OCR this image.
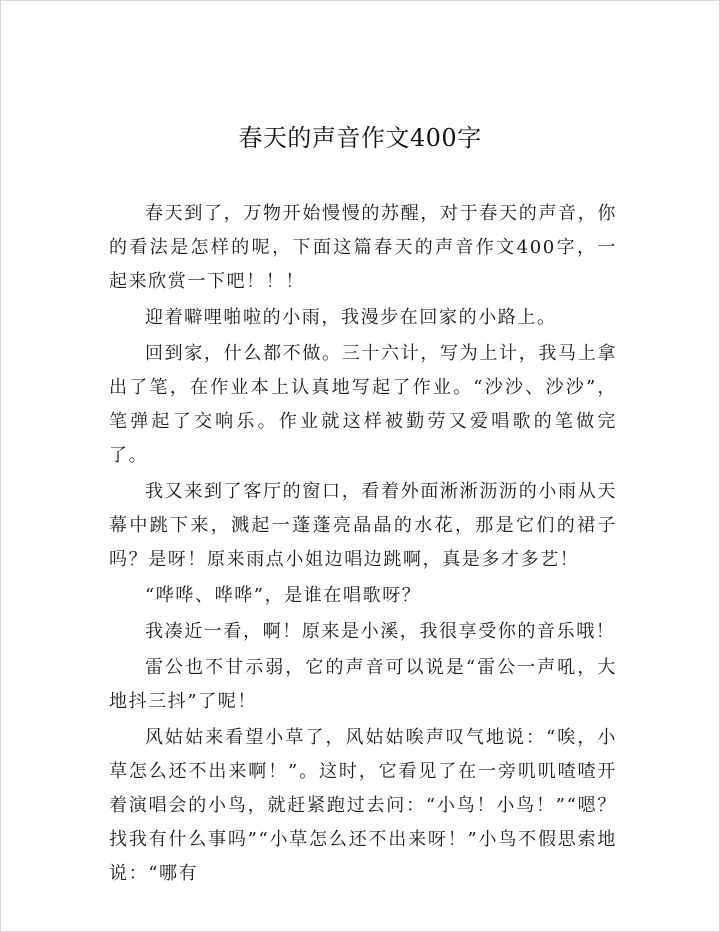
春天的声音作文400字

春天到了，万物开始慢慢的苏醒，对于春天的声音，你的看法是怎样的呢，下面这篇春天的声音作文400字，一起来欣赏一下吧！！！

迎着噼哩啪啦的小雨，我漫步在回家的小路上。

回到家，什么都不做。三十六计，写为上计，我马上拿出了笔，在作业本上认真地写起了作业。“沙沙、沙沙”，笔弹起了交响乐。作业就这样被勤劳又爱唱歌的笔做完了。

我又来到了客厅的窗口，看着外面淅淅沥沥的小雨从天幕中跳下来，溅起一蓬蓬亮晶晶的水花，那是它们的裙子吗？是呀！原来雨点小姐边唱边跳啊，真是多才多艺！

“哗哗、哗哗”，是谁在唱歌呀？

我凑近一看，啊！原来是小溪，我很享受你的音乐哦！

雷公也不甘示弱，它的声音可以说是“雷公一声吼，大地抖三抖”了呢！

风姑姑来看望小草了，风姑姑唉声叹气地说：“唉，小草怎么还不出来啊！”。这时，它看见了在一旁叽叽喳喳开着演唱会的小鸟，就赶紧跑过去问：“小鸟！小鸟！”“嗯？找我有什么事吗”“小草怎么还不出来呀！”小鸟不假思索地说：“哪有
